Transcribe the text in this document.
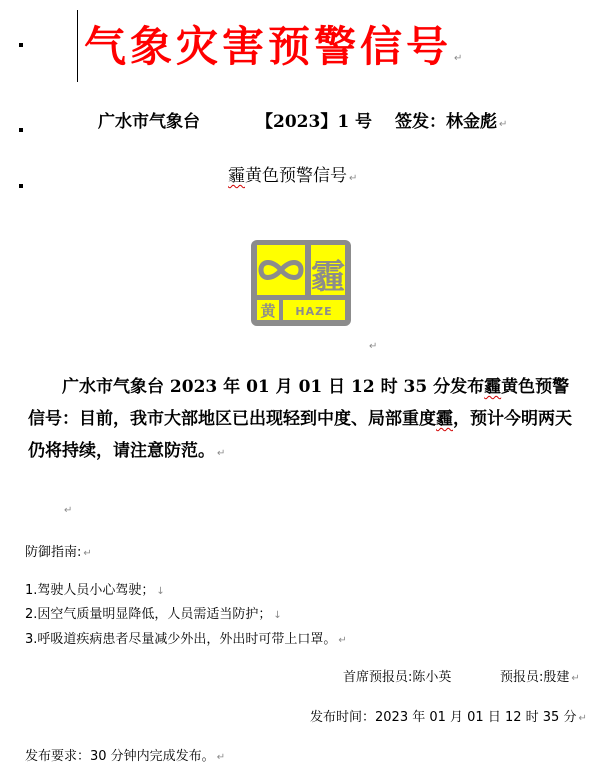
气象灾害预警信号 ↵
广水市气象台	【2023】1 号 签发：林金彪 ↵
霾黄色预警信号 ↵
霾
黄 HAZE
↵
广水市气象台 2023 年 01 月 01 日 12 时 35 分发布霾黄色预警信号：目前，我市大部地区已出现轻到中度、局部重度霾，预计今明两天仍将持续，请注意防范。 ↵
↵
防御指南: ↵
1.驾驶人员小心驾驶； ↓
2.因空气质量明显降低，人员需适当防护； ↓
3.呼吸道疾病患者尽量减少外出，外出时可带上口罩。 ↵
首席预报员:陈小英	预报员:殷建 ↵
发布时间：2023 年 01 月 01 日 12 时 35 分 ↵
发布要求：30 分钟内完成发布。 ↵
